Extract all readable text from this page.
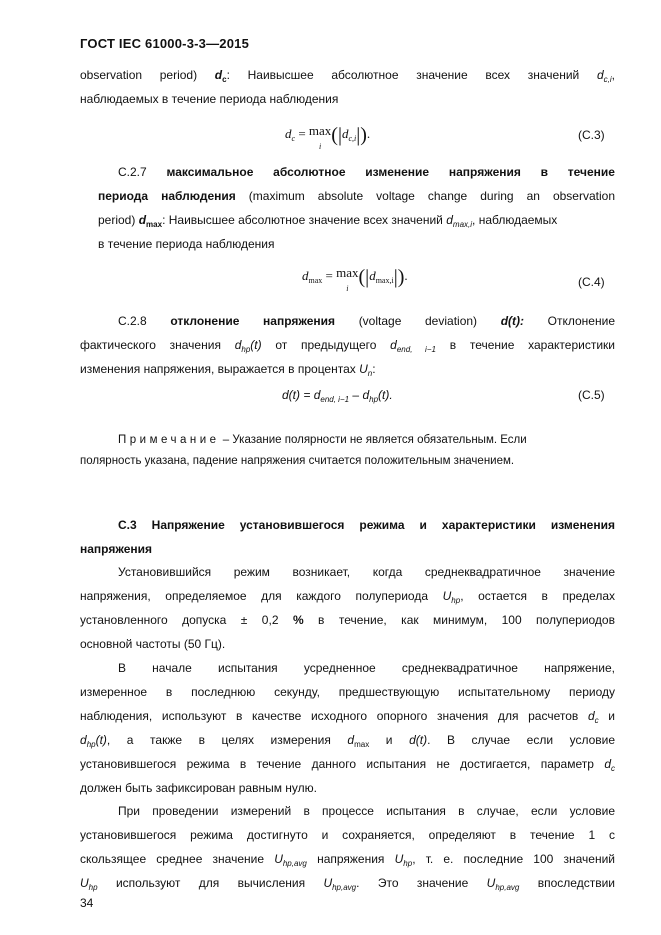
ГОСТ IEC 61000-3-3—2015
observation period) $d_c$: Наивысшее абсолютное значение всех значений $d_{c,i}$,
наблюдаемых в течение периода наблюдения
$d_c = \max$
$i(|d_{c,i}|)$.	(C.3)
C.2.7 максимальное абсолютное изменение напряжения в течение
периода наблюдения (maximum absolute voltage change during an observation
period) $d_{max}$: Наивысшее абсолютное значение всех значений $d_{max,i}$, наблюдаемых
в течение периода наблюдения
$d_{max} = \max$
$i(|d_{max,i}|)$.	(C.4)
C.2.8 отклонение напряжения (voltage deviation) d(t): Отклонение
фактического значения $d_{hp}(t)$ от предыдущего $d_{end, i-1}$ в течение характеристики
изменения напряжения, выражается в процентах $U_n$:
$d(t) = d_{end, i-1} - d_{hp}(t)$.	(C.5)
Примечание – Указание полярности не является обязательным. Если
полярность указана, падение напряжения считается положительным значением.
C.3 Напряжение установившегося режима и характеристики изменения
напряжения
Установившийся режим возникает, когда среднеквадратичное значение
напряжения, определяемое для каждого полупериода $U_{hp}$, остается в пределах
установленного допуска ± 0,2 % в течение, как минимум, 100 полупериодов
основной частоты (50 Гц).
В начале испытания усредненное среднеквадратичное напряжение,
измеренное в последнюю секунду, предшествующую испытательному периоду
наблюдения, используют в качестве исходного опорного значения для расчетов $d_c$ и
$d_{hp}(t)$, а также в целях измерения $d_{max}$ и d(t). В случае если условие
установившегося режима в течение данного испытания не достигается, параметр $d_c$
должен быть зафиксирован равным нулю.
При проведении измерений в процессе испытания в случае, если условие
установившегося режима достигнуто и сохраняется, определяют в течение 1 с
скользящее среднее значение $U_{hp,avg}$ напряжения $U_{hp}$, т. е. последние 100 значений
$U_{hp}$ используют для вычисления $U_{hp,avg}$. Это значение $U_{hp,avg}$ впоследствии
34
